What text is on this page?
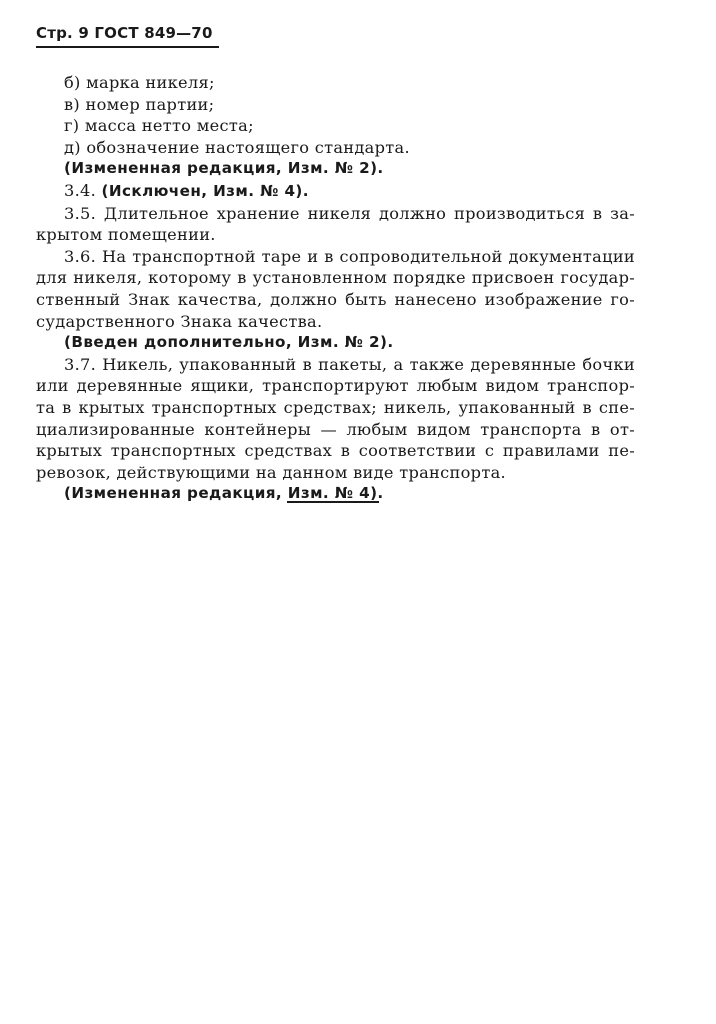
Стр. 9 ГОСТ 849—70
б) марка никеля;
в) номер партии;
г) масса нетто места;
д) обозначение настоящего стандарта.
(Измененная редакция, Изм. № 2).
3.4. (Исключен, Изм. № 4).
3.5. Длительное хранение никеля должно производиться в за-
крытом помещении.
3.6. На транспортной таре и в сопроводительной документации
для никеля, которому в установленном порядке присвоен государ-
ственный Знак качества, должно быть нанесено изображение го-
сударственного Знака качества.
(Введен дополнительно, Изм. № 2).
3.7. Никель, упакованный в пакеты, а также деревянные бочки
или деревянные ящики, транспортируют любым видом транспор-
та в крытых транспортных средствах; никель, упакованный в спе-
циализированные контейнеры — любым видом транспорта в от-
крытых транспортных средствах в соответствии с правилами пе-
ревозок, действующими на данном виде транспорта.
(Измененная редакция, Изм. № 4).
